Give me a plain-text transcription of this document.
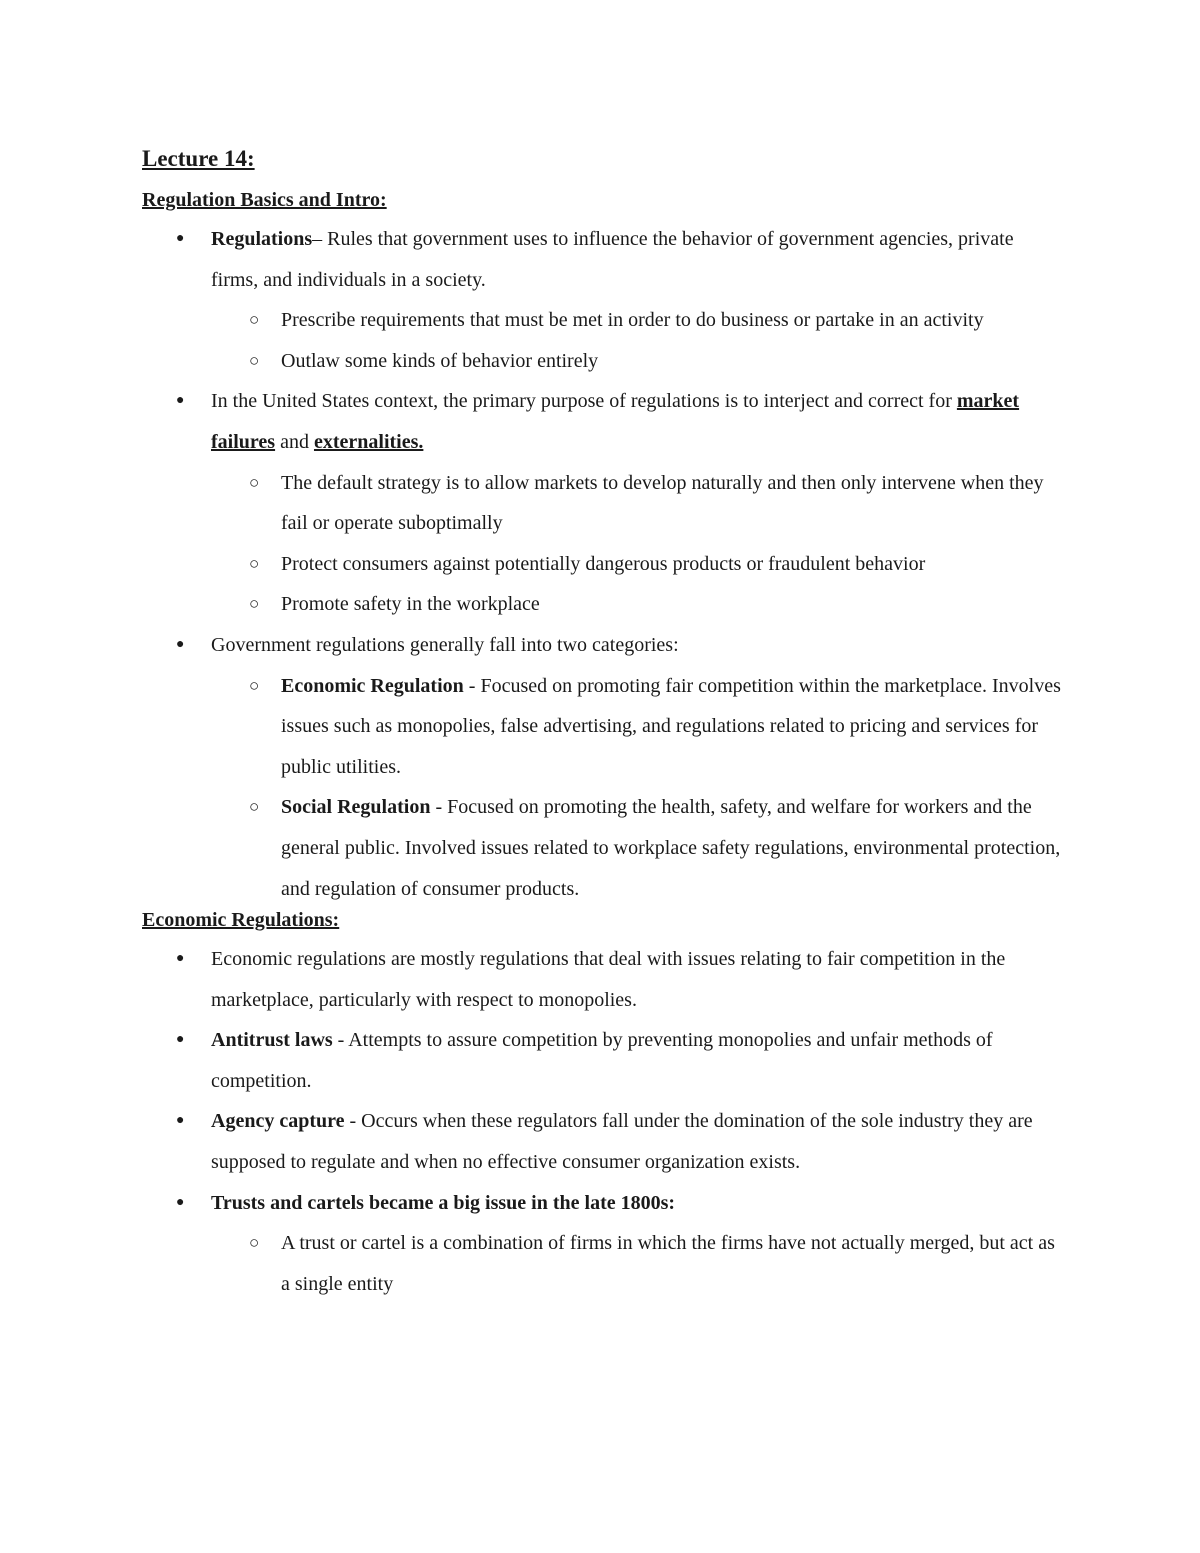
Lecture 14:
Regulation Basics and Intro:
● Regulations– Rules that government uses to influence the behavior of government agencies, private firms, and individuals in a society.
○ Prescribe requirements that must be met in order to do business or partake in an activity
○ Outlaw some kinds of behavior entirely
● In the United States context, the primary purpose of regulations is to interject and correct for market failures and externalities.
○ The default strategy is to allow markets to develop naturally and then only intervene when they fail or operate suboptimally
○ Protect consumers against potentially dangerous products or fraudulent behavior
○ Promote safety in the workplace
● Government regulations generally fall into two categories:
○ Economic Regulation - Focused on promoting fair competition within the marketplace. Involves issues such as monopolies, false advertising, and regulations related to pricing and services for public utilities.
○ Social Regulation - Focused on promoting the health, safety, and welfare for workers and the general public. Involved issues related to workplace safety regulations, environmental protection, and regulation of consumer products.
Economic Regulations:
● Economic regulations are mostly regulations that deal with issues relating to fair competition in the marketplace, particularly with respect to monopolies.
● Antitrust laws - Attempts to assure competition by preventing monopolies and unfair methods of competition.
● Agency capture - Occurs when these regulators fall under the domination of the sole industry they are supposed to regulate and when no effective consumer organization exists.
● Trusts and cartels became a big issue in the late 1800s:
○ A trust or cartel is a combination of firms in which the firms have not actually merged, but act as a single entity
